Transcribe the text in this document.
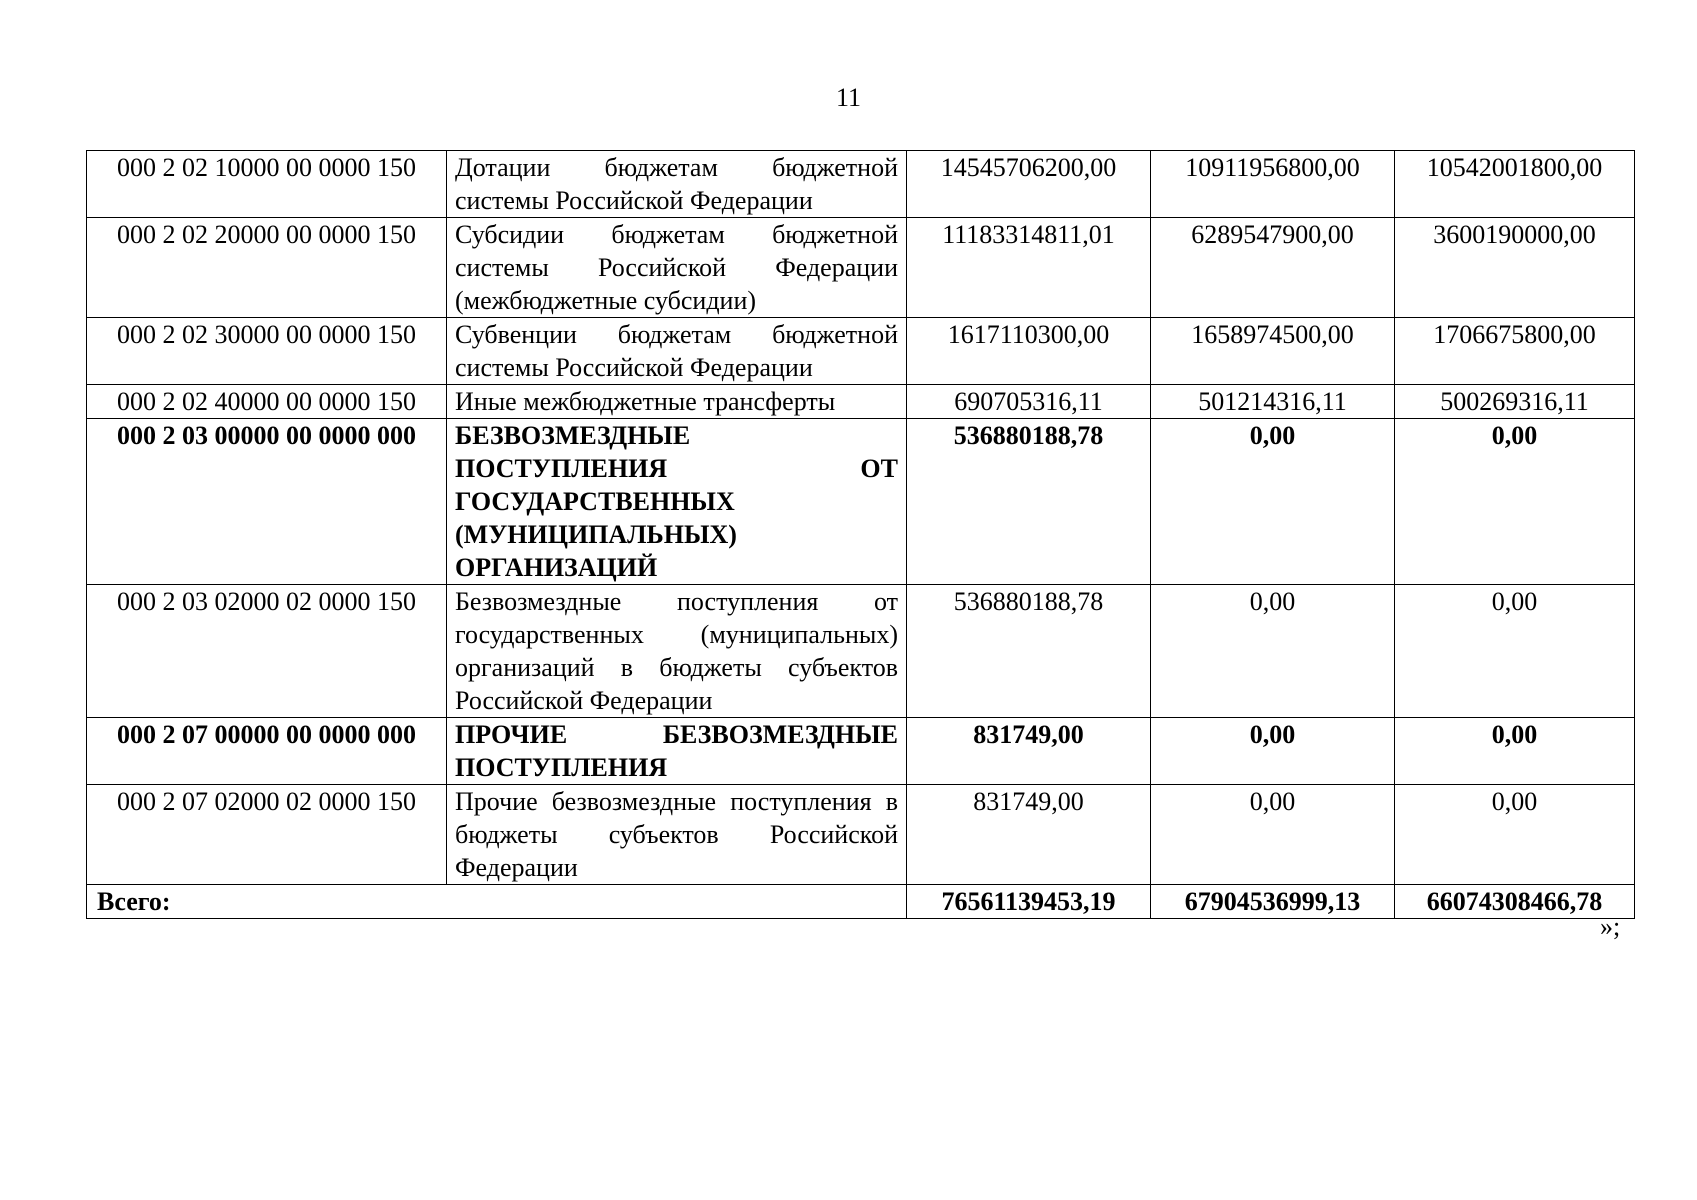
11
000 2 02 10000 00 0000 150	Дотации бюджетам бюджетной системы Российской Федерации	14545706200,00	10911956800,00	10542001800,00
000 2 02 20000 00 0000 150	Субсидии бюджетам бюджетной системы Российской Федерации (межбюджетные субсидии)	11183314811,01	6289547900,00	3600190000,00
000 2 02 30000 00 0000 150	Субвенции бюджетам бюджетной системы Российской Федерации	1617110300,00	1658974500,00	1706675800,00
000 2 02 40000 00 0000 150	Иные межбюджетные трансферты	690705316,11	501214316,11	500269316,11
000 2 03 00000 00 0000 000	БЕЗВОЗМЕЗДНЫЕ ПОСТУПЛЕНИЯ ОТ ГОСУДАРСТВЕННЫХ (МУНИЦИПАЛЬНЫХ) ОРГАНИЗАЦИЙ	536880188,78	0,00	0,00
000 2 03 02000 02 0000 150	Безвозмездные поступления от государственных (муниципальных) организаций в бюджеты субъектов Российской Федерации	536880188,78	0,00	0,00
000 2 07 00000 00 0000 000	ПРОЧИЕ БЕЗВОЗМЕЗДНЫЕ ПОСТУПЛЕНИЯ	831749,00	0,00	0,00
000 2 07 02000 02 0000 150	Прочие безвозмездные поступления в бюджеты субъектов Российской Федерации	831749,00	0,00	0,00
Всего:		76561139453,19	67904536999,13	66074308466,78
»;
